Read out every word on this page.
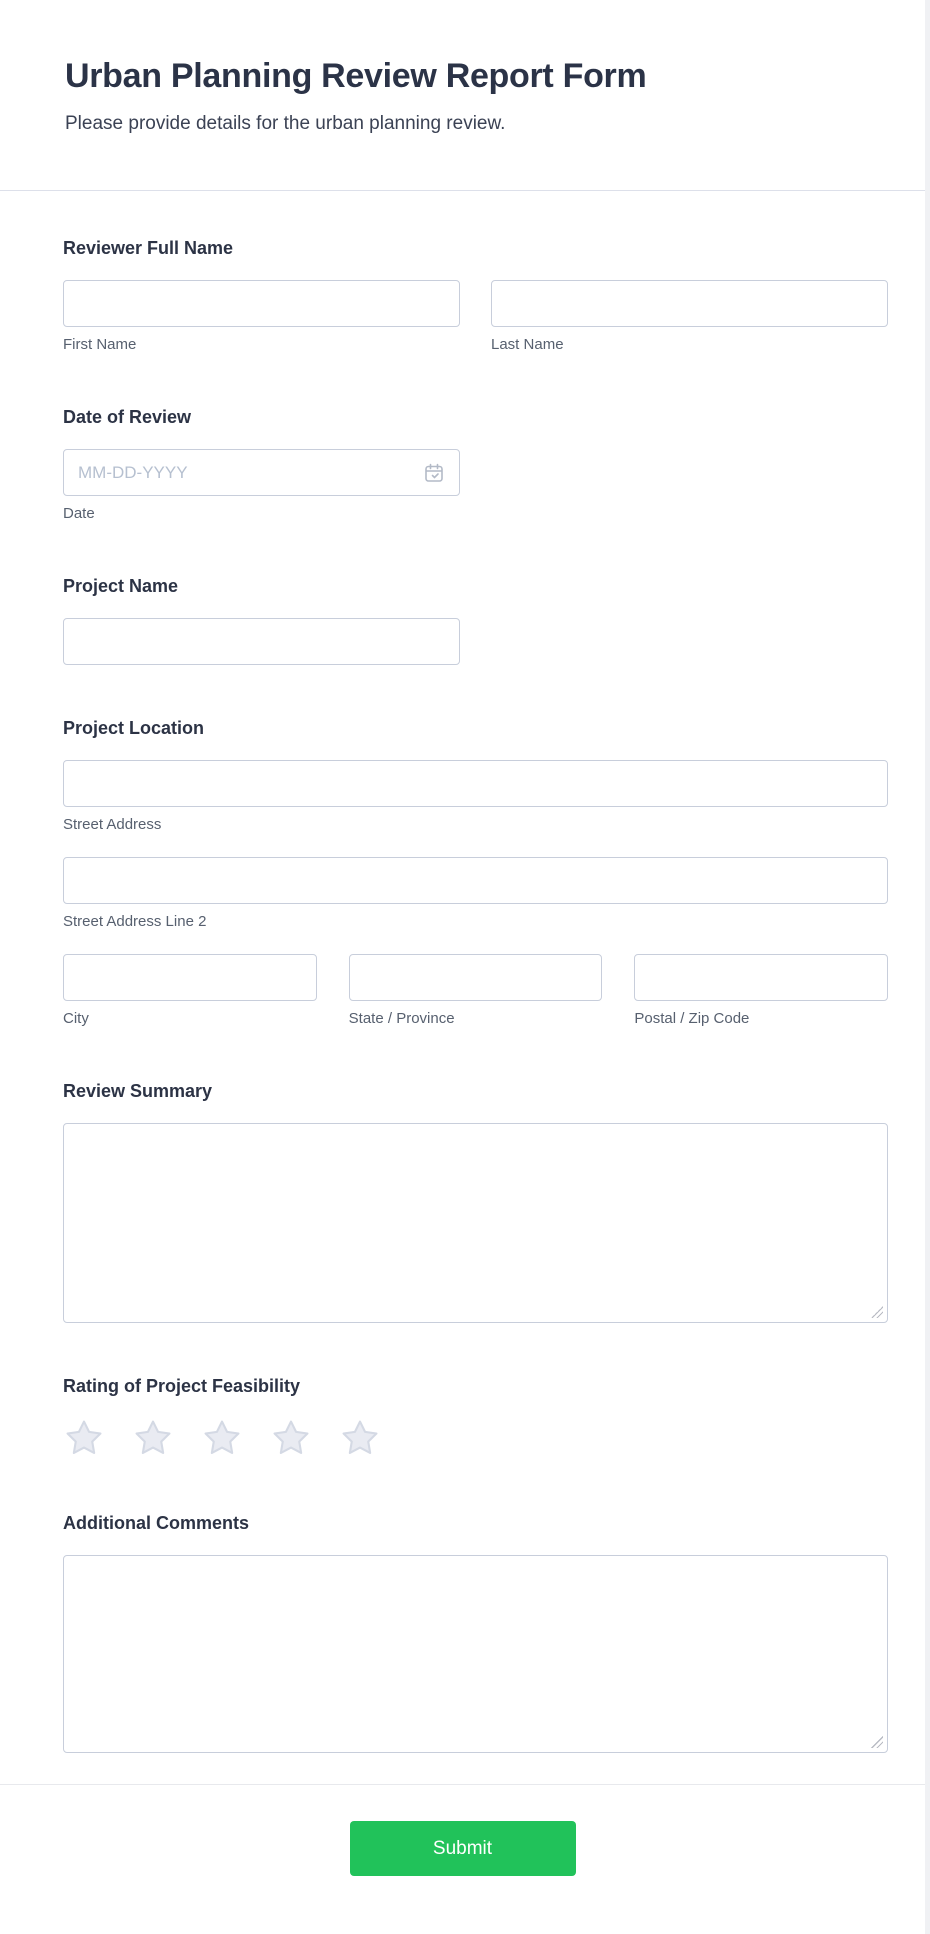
Urban Planning Review Report Form
Please provide details for the urban planning review.
Reviewer Full Name
First Name	Last Name
Date of Review
MM-DD-YYYY
Date
Project Name
Project Location
Street Address
Street Address Line 2
City	State / Province	Postal / Zip Code
Review Summary
Rating of Project Feasibility
Additional Comments
Submit
